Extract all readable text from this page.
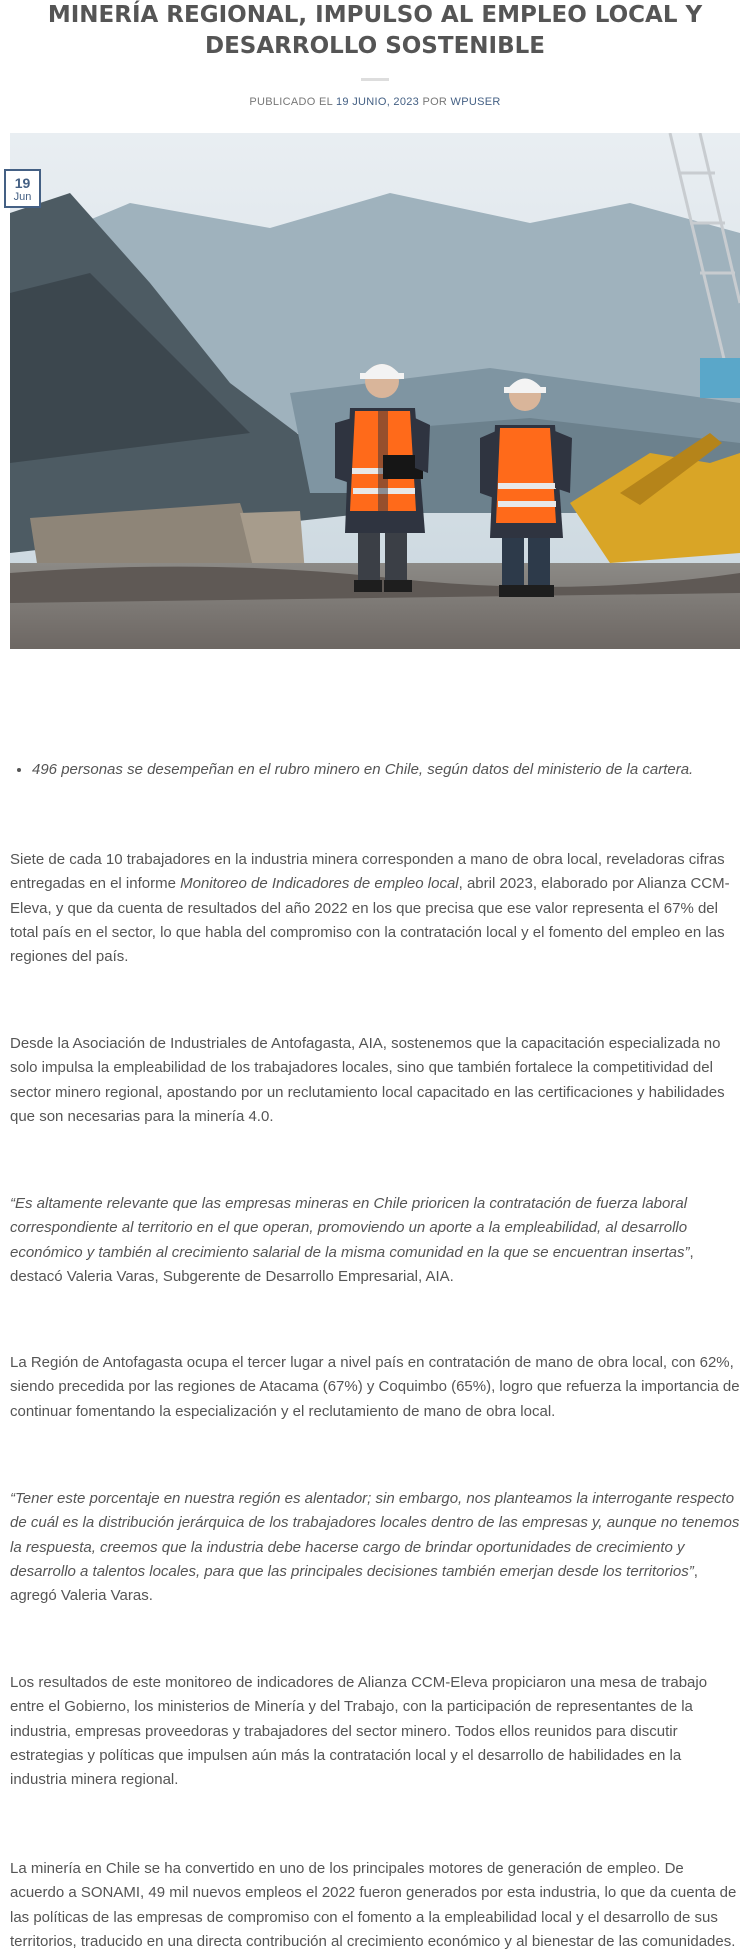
MINERÍA REGIONAL, IMPULSO AL EMPLEO LOCAL Y DESARROLLO SOSTENIBLE
PUBLICADO EL 19 JUNIO, 2023 POR WPUSER
19
Jun
• 496 personas se desempeñan en el rubro minero en Chile, según datos del ministerio de la cartera.

Siete de cada 10 trabajadores en la industria minera corresponden a mano de obra local, reveladoras cifras entregadas en el informe Monitoreo de Indicadores de empleo local, abril 2023, elaborado por Alianza CCM-Eleva, y que da cuenta de resultados del año 2022 en los que precisa que ese valor representa el 67% del total país en el sector, lo que habla del compromiso con la contratación local y el fomento del empleo en las regiones del país.

Desde la Asociación de Industriales de Antofagasta, AIA, sostenemos que la capacitación especializada no solo impulsa la empleabilidad de los trabajadores locales, sino que también fortalece la competitividad del sector minero regional, apostando por un reclutamiento local capacitado en las certificaciones y habilidades que son necesarias para la minería 4.0.

“Es altamente relevante que las empresas mineras en Chile prioricen la contratación de fuerza laboral correspondiente al territorio en el que operan, promoviendo un aporte a la empleabilidad, al desarrollo económico y también al crecimiento salarial de la misma comunidad en la que se encuentran insertas”, destacó Valeria Varas, Subgerente de Desarrollo Empresarial, AIA.

La Región de Antofagasta ocupa el tercer lugar a nivel país en contratación de mano de obra local, con 62%, siendo precedida por las regiones de Atacama (67%) y Coquimbo (65%), logro que refuerza la importancia de continuar fomentando la especialización y el reclutamiento de mano de obra local.

“Tener este porcentaje en nuestra región es alentador; sin embargo, nos planteamos la interrogante respecto de cuál es la distribución jerárquica de los trabajadores locales dentro de las empresas y, aunque no tenemos la respuesta, creemos que la industria debe hacerse cargo de brindar oportunidades de crecimiento y desarrollo a talentos locales, para que las principales decisiones también emerjan desde los territorios”, agregó Valeria Varas.

Los resultados de este monitoreo de indicadores de Alianza CCM-Eleva propiciaron una mesa de trabajo entre el Gobierno, los ministerios de Minería y del Trabajo, con la participación de representantes de la industria, empresas proveedoras y trabajadores del sector minero. Todos ellos reunidos para discutir estrategias y políticas que impulsen aún más la contratación local y el desarrollo de habilidades en la industria minera regional.

La minería en Chile se ha convertido en uno de los principales motores de generación de empleo. De acuerdo a SONAMI, 49 mil nuevos empleos el 2022 fueron generados por esta industria, lo que da cuenta de las políticas de las empresas de compromiso con el fomento a la empleabilidad local y el desarrollo de sus territorios, traducido en una directa contribución al crecimiento económico y al bienestar de las comunidades.
